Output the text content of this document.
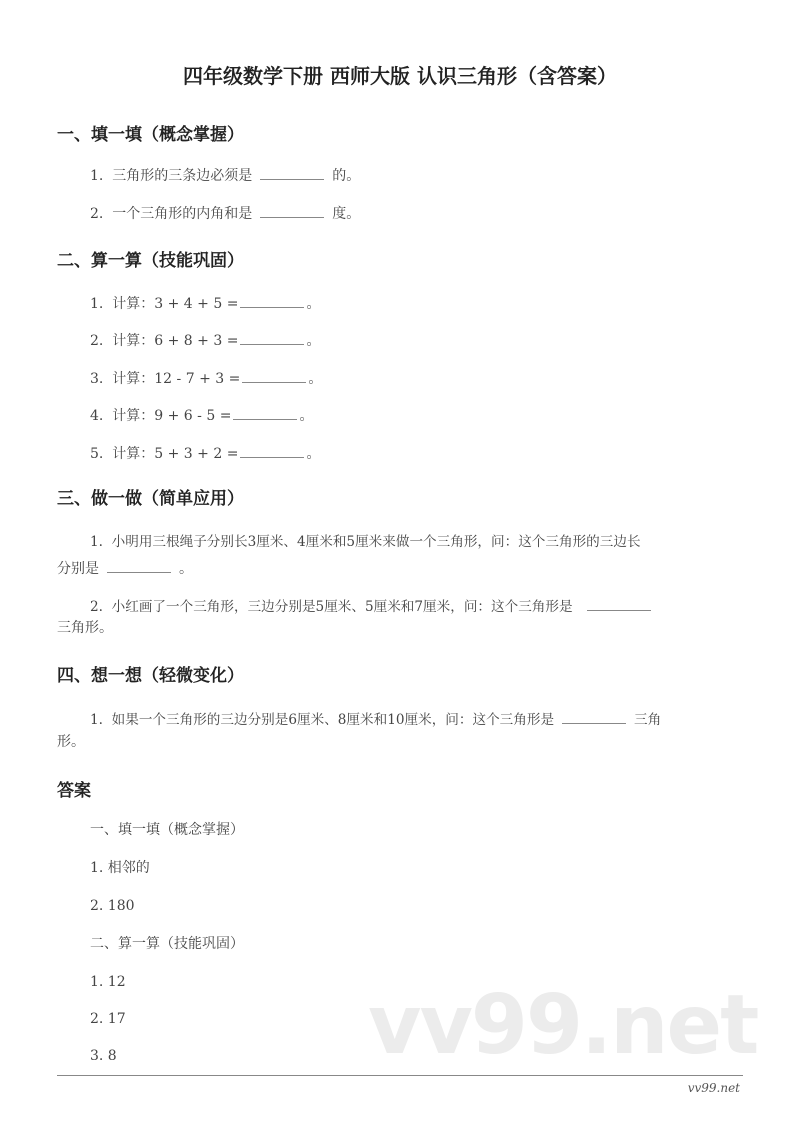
四年级数学下册 西师大版 认识三角形（含答案）
一、填一填（概念掌握）
1. 三角形的三条边必须是	的。
2. 一个三角形的内角和是	度。
二、算一算（技能巩固）
1. 计算：3 + 4 + 5 =	。
2. 计算：6 + 8 + 3 =	。
3. 计算：12 - 7 + 3 =	。
4. 计算：9 + 6 - 5 =	。
5. 计算：5 + 3 + 2 =	。
三、做一做（简单应用）
1. 小明用三根绳子分别长3厘米、4厘米和5厘米来做一个三角形，问：这个三角形的三边长
分别是	。
2. 小红画了一个三角形，三边分别是5厘米、5厘米和7厘米，问：这个三角形是
三角形。
四、想一想（轻微变化）
1. 如果一个三角形的三边分别是6厘米、8厘米和10厘米，问：这个三角形是	三角
形。
答案
vv99.net
一、填一填（概念掌握）
1. 相邻的
2. 180
二、算一算（技能巩固）
1. 12
2. 17
3. 8
vv99.net
